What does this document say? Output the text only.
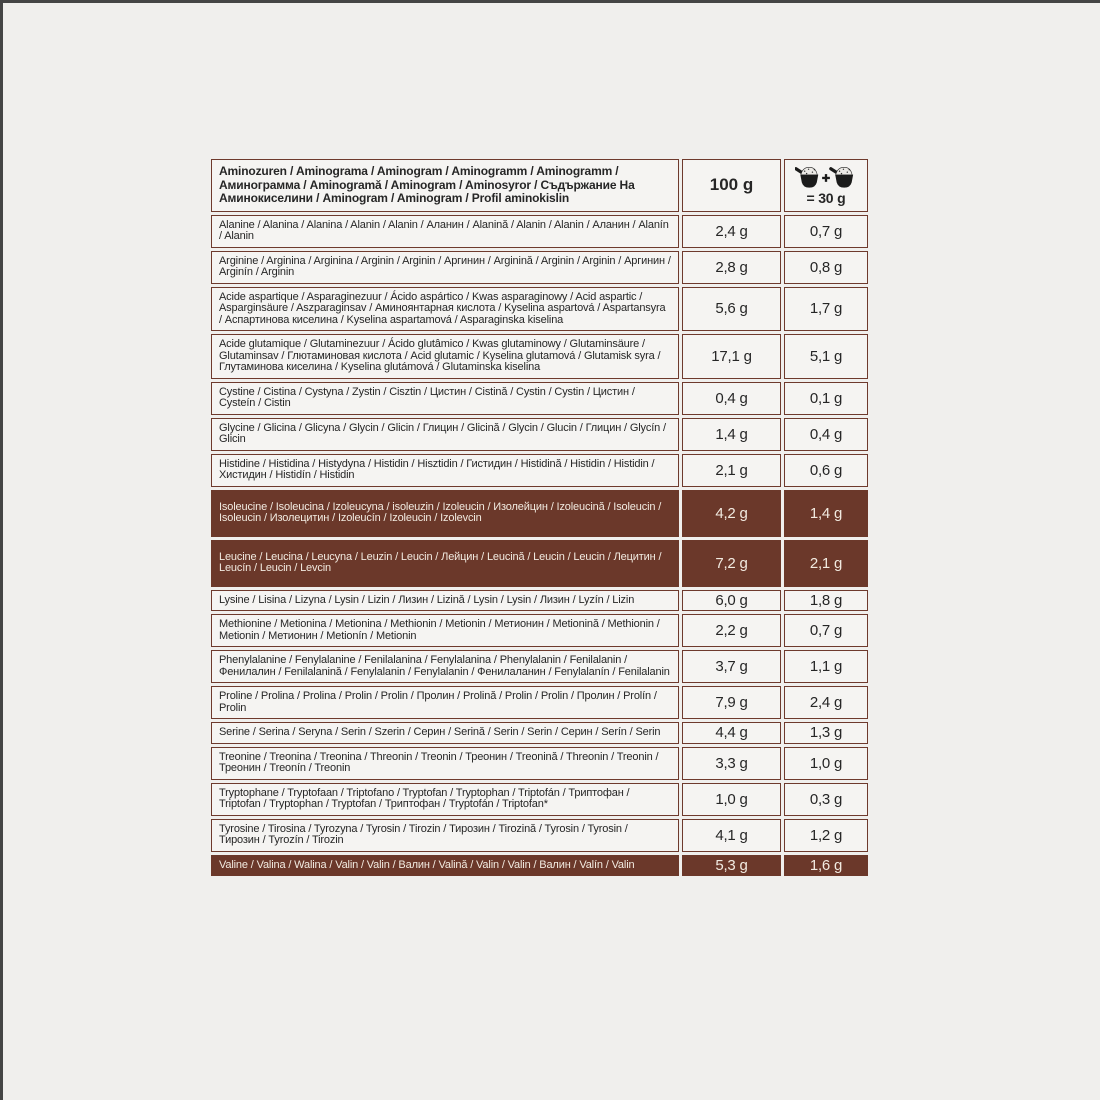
Aminozuren / Aminograma / Aminogram / Aminogramm / Aminogramm / Аминограмма / Aminogramă / Aminogram / Aminosyror / Съдържание На Аминокиселини / Aminogram / Aminogram / Profil aminokislin	100 g	= 30 g

Alanine / Alanina / Alanina / Alanin / Alanin / Аланин / Alanină / Alanin / Alanin / Аланин / Alanín / Alanin	2,4 g	0,7 g
Arginine / Arginina / Arginina / Arginin / Arginin / Аргинин / Arginină / Arginin / Arginin / Аргинин / Arginín / Arginin	2,8 g	0,8 g
Acide aspartique / Asparaginezuur / Ácido aspártico / Kwas asparaginowy / Acid aspartic / Asparginsäure / Aszparaginsav / Аминоянтарная кислота / Kyselina aspartová / Aspartansyra / Аспартинова киселина / Kyselina aspartamová / Asparaginska kiselina	5,6 g	1,7 g
Acide glutamique / Glutaminezuur / Ácido glutâmico / Kwas glutaminowy / Glutaminsäure / Glutaminsav / Глютаминовая кислота / Acid glutamic / Kyselina glutamová / Glutamisk syra / Глутаминова киселина / Kyselina glutámová / Glutaminska kiselina	17,1 g	5,1 g
Cystine / Cistina / Cystyna / Zystin / Cisztin / Цистин / Cistină / Cystin / Cystin / Цистин / Cysteín / Cistin	0,4 g	0,1 g
Glycine / Glicina / Glicyna / Glycin / Glicin / Глицин / Glicină / Glycin / Glucin / Глицин / Glycín / Glicin	1,4 g	0,4 g
Histidine / Histidina / Histydyna / Histidin / Hisztidin / Гистидин / Histidină / Histidin / Histidin / Хистидин / Histidín / Histidin	2,1 g	0,6 g
Isoleucine / Isoleucina / Izoleucyna / isoleuzin / Izoleucin / Изолейцин / Izoleucină / Isoleucin / Isoleucin / Изолецитин / Izoleucín / Izoleucin / Izolevcin	4,2 g	1,4 g
Leucine / Leucina / Leucyna / Leuzin / Leucin / Лейцин / Leucină / Leucin / Leucin / Лецитин / Leucín / Leucin / Levcin	7,2 g	2,1 g
Lysine / Lisina / Lizyna / Lysin / Lizin / Лизин / Lizină / Lysin / Lysin / Лизин / Lyzín / Lizin	6,0 g	1,8 g
Methionine / Metionina / Metionina / Methionin / Metionin / Метионин / Metionină / Methionin / Metionin / Метионин / Metionín / Metionin	2,2 g	0,7 g
Phenylalanine / Fenylalanine / Fenilalanina / Fenylalanina / Phenylalanin / Fenilalanin / Фенилалин / Fenilalanină / Fenylalanin / Fenylalanin / Фенилаланин / Fenylalanín / Fenilalanin	3,7 g	1,1 g
Proline / Prolina / Prolina / Prolin / Prolin / Пролин / Prolină / Prolin / Prolin / Пролин / Prolín / Prolin	7,9 g	2,4 g
Serine / Serina / Seryna / Serin / Szerin / Серин / Serină / Serin / Serin / Серин / Serín / Serin	4,4 g	1,3 g
Treonine / Treonina / Treonina / Threonin / Treonin / Треонин / Treonină / Threonin / Treonin / Треонин / Treonín / Treonin	3,3 g	1,0 g
Tryptophane / Tryptofaan / Triptofano / Tryptofan / Tryptophan / Triptofán / Триптофан / Triptofan / Tryptophan / Tryptofan / Триптофан / Tryptofán / Triptofan*	1,0 g	0,3 g
Tyrosine / Tirosina / Tyrozyna / Tyrosin / Tirozin / Тирозин / Tirozină / Tyrosin / Tyrosin / Тирозин / Tyrozín / Tirozin	4,1 g	1,2 g
Valine / Valina / Walina / Valin / Valin / Валин / Valină / Valin / Valin / Валин / Valín / Valin	5,3 g	1,6 g
